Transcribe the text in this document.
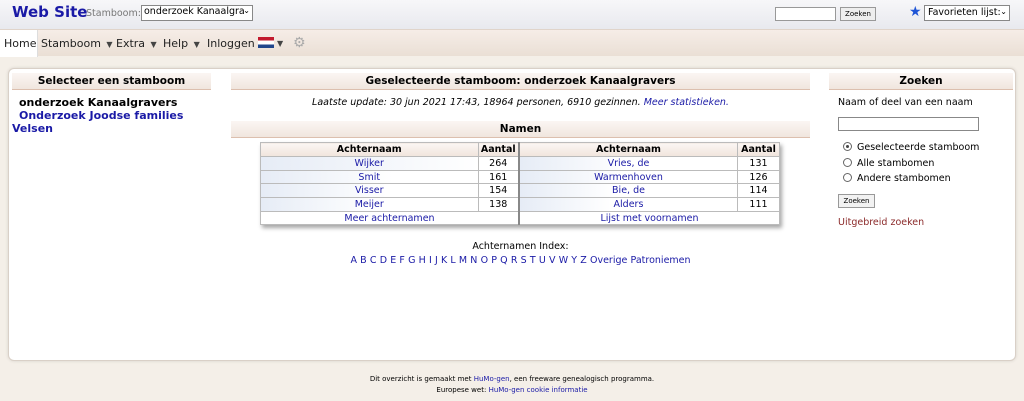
Web Site
Stamboom: onderzoek Kanaalgra
⌄	Zoeken	★ Favorieten lijst: ⌄
Home Stamboom ▼ Extra ▼ Help ▼ Inloggen	▼ ⚙
Selecteer een stamboom
onderzoek Kanaalgravers
Onderzoek Joodse families
Velsen
Geselecteerde stamboom: onderzoek Kanaalgravers
Laatste update: 30 jun 2021 17:43, 18964 personen, 6910 gezinnen. Meer statistieken.
Namen
Achternaam	Aantal	Achternaam	Aantal

Wijker	264	Vries, de	131

Smit	161	Warmenhoven	126

Visser	154	Bie, de	114

Meijer	138	Alders	111
Meer achternamen		Lijst met voornamen	
Achternamen Index:
A B C D E F G H I J K L M N O P Q R S T U V W Y Z Overige Patroniemen
Zoeken
Naam of deel van een naam
Geselecteerde stamboom
Alle stambomen
Andere stambomen
Zoeken
Uitgebreid zoeken
Dit overzicht is gemaakt met HuMo-gen, een freeware genealogisch programma.
Europese wet: HuMo-gen cookie informatie
